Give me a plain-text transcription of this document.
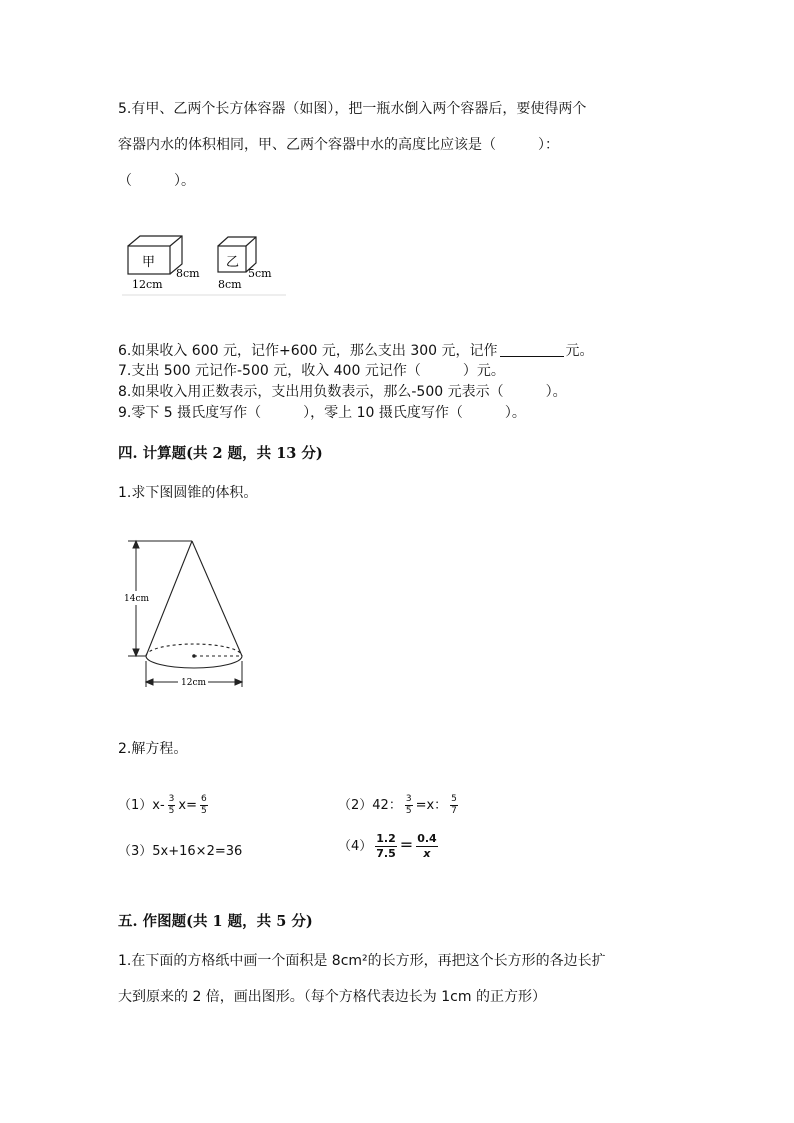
5.有甲、乙两个长方体容器（如图），把一瓶水倒入两个容器后，要使得两个
容器内水的体积相同，甲、乙两个容器中水的高度比应该是（　　　）：
（　　　）。
甲
12cm
8cm
乙
8cm
5cm
6.如果收入 600 元，记作+600 元，那么支出 300 元，记作	元。
7.支出 500 元记作-500 元，收入 400 元记作（　　　）元。
8.如果收入用正数表示，支出用负数表示，那么-500 元表示（　　　）。
9.零下 5 摄氏度写作（　　　），零上 10 摄氏度写作（　　　）。
四. 计算题(共 2 题，共 13 分)
1.求下图圆锥的体积。
14cm
12cm
2.解方程。
$(1)x- \frac{3}{5} x= \frac{6}{5}$	（2）42： $\frac{3}{5} =x$： $\frac{5}{7}$
（3）5x+16×2=36	$(4) \frac{1.2}{7.5} = \frac{0.4}{x}$
五. 作图题(共 1 题，共 5 分)
1.在下面的方格纸中画一个面积是 8cm²的长方形，再把这个长方形的各边长扩
大到原来的 2 倍，画出图形。（每个方格代表边长为 1cm 的正方形）
